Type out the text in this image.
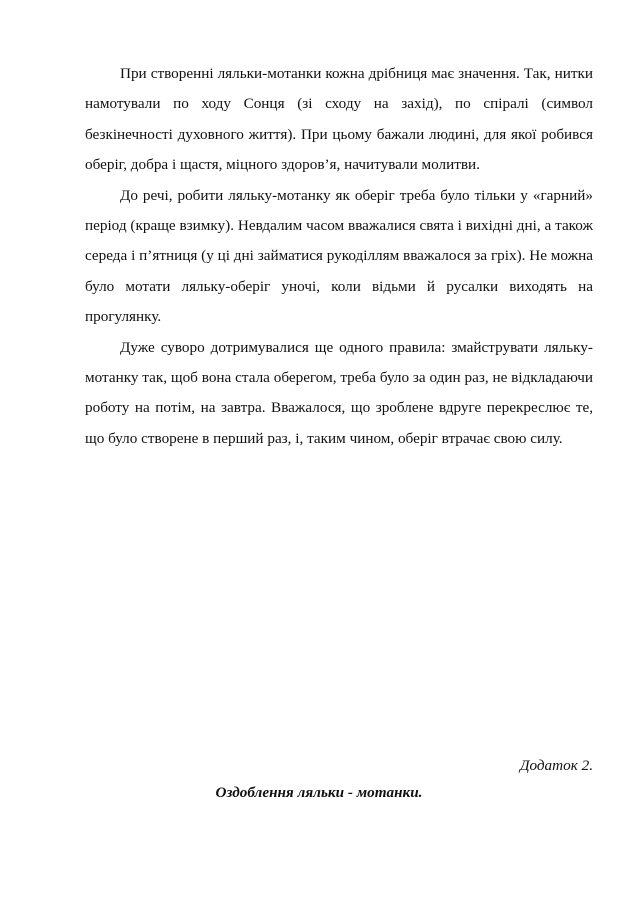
При створенні ляльки-мотанки кожна дрібниця має значення. Так, нитки намотували по ходу Сонця (зі сходу на захід), по спіралі (символ безкінечності духовного життя). При цьому бажали людині, для якої робився оберіг, добра і щастя, міцного здоров’я, начитували молитви.

До речі, робити ляльку-мотанку як оберіг треба було тільки у «гарний» період (краще взимку). Невдалим часом вважалися свята і вихідні дні, а також середа і п’ятниця (у ці дні займатися рукоділлям вважалося за гріх). Не можна було мотати ляльку-оберіг уночі, коли відьми й русалки виходять на прогулянку.

Дуже суворо дотримувалися ще одного правила: змайструвати ляльку-мотанку так, щоб вона стала оберегом, треба було за один раз, не відкладаючи роботу на потім, на завтра. Вважалося, що зроблене вдруге перекреслює те, що було створене в перший раз, і, таким чином, оберіг втрачає свою силу.

Додаток 2.
Оздоблення ляльки - мотанки.
